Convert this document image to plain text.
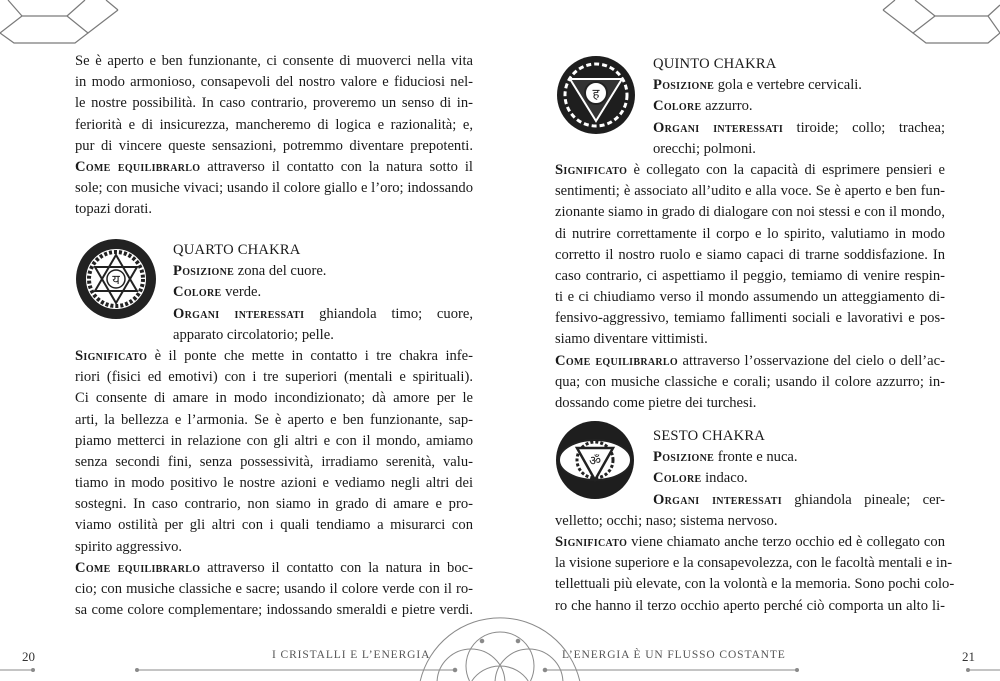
य
ह
ॐ
Se è aperto e ben funzionante, ci consente di muoverci nella vita
in modo armonioso, consapevoli del nostro valore e fiduciosi nel-
le nostre possibilità. In caso contrario, proveremo un senso di in-
feriorità e di insicurezza, mancheremo di logica e razionalità; e,
pur di vincere queste sensazioni, potremmo diventare prepotenti.
Come equilibrarlo attraverso il contatto con la natura sotto il
sole; con musiche vivaci; usando il colore giallo e l’oro; indossando
topazi dorati.
QUARTO CHAKRA
Posizione zona del cuore.
Colore verde.
Organi interessati ghiandola timo; cuore,
apparato circolatorio; pelle.
Significato è il ponte che mette in contatto i tre chakra infe-
riori (fisici ed emotivi) con i tre superiori (mentali e spirituali).
Ci consente di amare in modo incondizionato; dà amore per le
arti, la bellezza e l’armonia. Se è aperto e ben funzionante, sap-
piamo metterci in relazione con gli altri e con il mondo, amiamo
senza secondi fini, senza possessività, irradiamo serenità, valu-
tiamo in modo positivo le nostre azioni e vediamo negli altri dei
sostegni. In caso contrario, non siamo in grado di amare e pro-
viamo ostilità per gli altri con i quali tendiamo a misurarci con
spirito aggressivo.
Come equilibrarlo attraverso il contatto con la natura in boc-
cio; con musiche classiche e sacre; usando il colore verde con il ro-
sa come colore complementare; indossando smeraldi e pietre verdi.
QUINTO CHAKRA
Posizione gola e vertebre cervicali.
Colore azzurro.
Organi interessati tiroide; collo; trachea;
orecchi; polmoni.
Significato è collegato con la capacità di esprimere pensieri e
sentimenti; è associato all’udito e alla voce. Se è aperto e ben fun-
zionante siamo in grado di dialogare con noi stessi e con il mondo,
di nutrire correttamente il corpo e lo spirito, valutiamo in modo
corretto il nostro ruolo e siamo capaci di trarne soddisfazione. In
caso contrario, ci aspettiamo il peggio, temiamo di venire respin-
ti e ci chiudiamo verso il mondo assumendo un atteggiamento di-
fensivo-aggressivo, temiamo fallimenti sociali e lavorativi e pos-
siamo diventare vittimisti.
Come equilibrarlo attraverso l’osservazione del cielo o dell’ac-
qua; con musiche classiche e corali; usando il colore azzurro; in-
dossando come pietre dei turchesi.
SESTO CHAKRA
Posizione fronte e nuca.
Colore indaco.
Organi interessati ghiandola pineale; cer-
velletto; occhi; naso; sistema nervoso.
Significato viene chiamato anche terzo occhio ed è collegato con
la visione superiore e la consapevolezza, con le facoltà mentali e in-
tellettuali più elevate, con la volontà e la memoria. Sono pochi colo-
ro che hanno il terzo occhio aperto perché ciò comporta un alto li-
20	I CRISTALLI E L’ENERGIA	L’ENERGIA È UN FLUSSO COSTANTE	21
